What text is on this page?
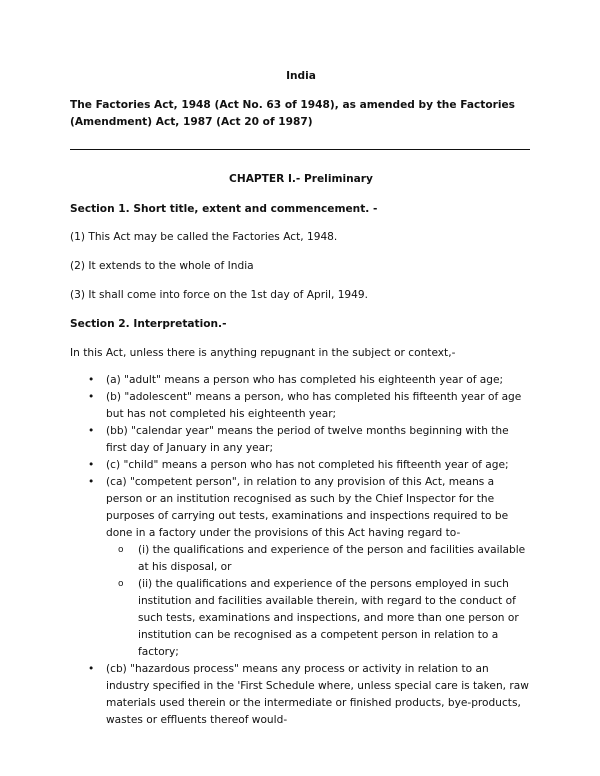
India
The Factories Act, 1948 (Act No. 63 of 1948), as amended by the Factories (Amendment) Act, 1987 (Act 20 of 1987)
CHAPTER I.- Preliminary
Section 1. Short title, extent and commencement. -
(1) This Act may be called the Factories Act, 1948.
(2) It extends to the whole of India
(3) It shall come into force on the 1st day of April, 1949.
Section 2. Interpretation.-
In this Act, unless there is anything repugnant in the subject or context,-
• (a) "adult" means a person who has completed his eighteenth year of age;
• (b) "adolescent" means a person, who has completed his fifteenth year of age but has not completed his eighteenth year;
• (bb) "calendar year" means the period of twelve months beginning with the first day of January in any year;
• (c) "child" means a person who has not completed his fifteenth year of age;
• (ca) "competent person", in relation to any provision of this Act, means a person or an institution recognised as such by the Chief Inspector for the purposes of carrying out tests, examinations and inspections required to be done in a factory under the provisions of this Act having regard to-
o (i) the qualifications and experience of the person and facilities available at his disposal, or
o (ii) the qualifications and experience of the persons employed in such institution and facilities available therein, with regard to the conduct of such tests, examinations and inspections, and more than one person or institution can be recognised as a competent person in relation to a factory;
• (cb) "hazardous process" means any process or activity in relation to an industry specified in the 'First Schedule where, unless special care is taken, raw materials used therein or the intermediate or finished products, bye-products, wastes or effluents thereof would-
